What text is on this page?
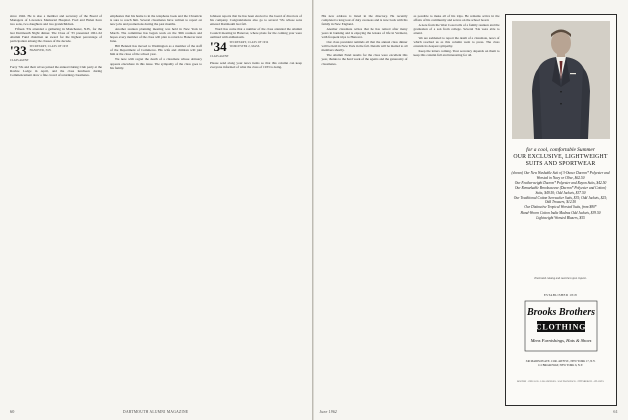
since 1946. He is also a member and secretary of the Board of Managers of Lawrence Memorial Hospital. Fred and Helen have two sons, two daughters and two grandchildren.

Fifteen '33s attended a gathering in Manchester, N.H., for the last Dartmouth Night dinner. The Class of '33 presented 1961–62 Alumni Fund chairmen an award for the highest percentage of participation among the classes of the decade.

'33 SECRETARY, CLASS OF 1933
HANOVER, N.H.
CLASS AGENT

Forty '33s and their wives joined the annual Outing Club party at the Ravine Lodge in April, and the class luncheon during Commencement drew a fine crowd of returning classmates.

emphasize that his home is in the telephone book and the Chronicle is sure to reach him. Several classmates have written to report on new jobs and promotions during the past months.

Another reunion planning meeting was held in New York in March. The committee has begun work on the 30th reunion and hopes every member of the class will plan to return to Hanover next June.

Bill Bennett has moved to Washington as a member of the staff of the Department of Commerce. His wife and children will join him at the close of the school year.

We note with regret the death of a classmate whose obituary appears elsewhere in this issue. The sympathy of the class goes to his family.

Johnson reports that he has been elected to the board of directors of his company. Congratulations also go to several '33s whose sons entered Dartmouth last fall.

Word has come that a number of the class attended the Alumni Council meeting in Hanover, where plans for the coming year were outlined with enthusiasm.

'34 SECRETARY, CLASS OF 1934
WORCESTER 2, MASS.
CLASS AGENT

Please send along your news items so that this column can keep everyone informed of what the class of 1933 is doing.

60	DARTMOUTH ALUMNI MAGAZINE

His new address is listed in the directory. He recently completed a long tour of duty overseas and is now back with his family in New England.

Another classmate writes that he has retired after many years in banking and is enjoying the leisure of life in Vermont, with frequent trips to Hanover.

Our class president reminds all that the annual class dinner will be held in New York in the fall. Details will be mailed to all members shortly.

The Alumni Fund results for the class were excellent this year, thanks to the hard work of the agents and the generosity of classmates.

as possible to make all of his trips. He remains active in the affairs of his community and serves on the school board.

A note from the West Coast tells of a family reunion and the graduation of a son from college. Several '34s were able to attend.

We are saddened to report the death of a classmate, news of which reached us as this column went to press. The class extends its deepest sympathy.

Keep the letters coming. Your secretary depends on them to keep this column full and interesting for all.

for a cool, comfortable Summer
OUR EXCLUSIVE, LIGHTWEIGHT
SUITS AND SPORTWEAR
(shown) Our New Washable Suit of 3-Ounce Dacron* Polyester and Worsted in Navy or Olive, $62.50
Our Featherweight Dacron* Polyester and Rayon Suits, $42.50
Our Remarkable Brooksweave (Dacron* Polyester and Cotton) Suits, $49.50; Odd Jackets, $37.50
Our Traditional Cotton Seersucker Suits, $35; Odd Jackets, $25; Odd Trousers, $12.50
Our Distinctive Tropical Worsted Suits, from $80*
Hand-Woven Cotton India Madras Odd Jackets, $39.50
Lightweight Worsted Blazers, $55
Illustrated catalog and swatches upon request.
ESTABLISHED 1818
Brooks Brothers
CLOTHING
Mens Furnishings, Hats & Shoes
346 MADISON AVE. COR. 44TH ST., NEW YORK 17, N.Y.
111 BROADWAY, NEW YORK 6, N.Y.
BOSTON · CHICAGO · LOS ANGELES · SAN FRANCISCO · PITTSBURGH · ATLANTA
June 1962	61
